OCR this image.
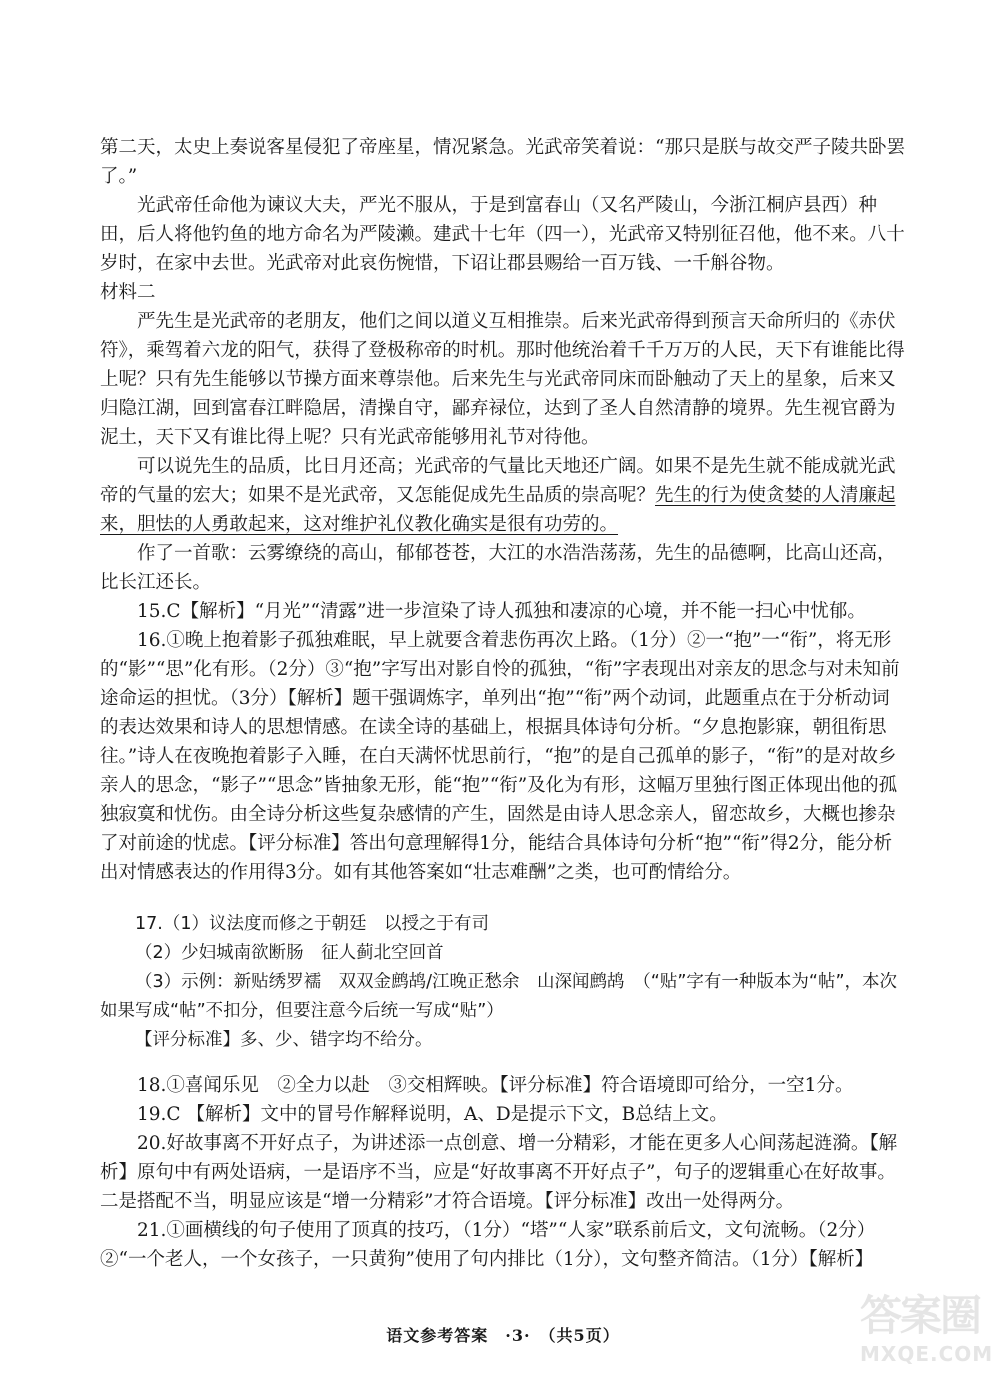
第二天，太史上奏说客星侵犯了帝座星，情况紧急。光武帝笑着说：“那只是朕与故交严子陵共卧罢了。”

光武帝任命他为谏议大夫，严光不服从，于是到富春山（又名严陵山，今浙江桐庐县西）种田，后人将他钓鱼的地方命名为严陵濑。建武十七年（四一），光武帝又特别征召他，他不来。八十岁时，在家中去世。光武帝对此哀伤惋惜，下诏让郡县赐给一百万钱、一千斛谷物。

材料二

严先生是光武帝的老朋友，他们之间以道义互相推崇。后来光武帝得到预言天命所归的《赤伏符》，乘驾着六龙的阳气，获得了登极称帝的时机。那时他统治着千千万万的人民，天下有谁能比得上呢？只有先生能够以节操方面来尊崇他。后来先生与光武帝同床而卧触动了天上的星象，后来又归隐江湖，回到富春江畔隐居，清操自守，鄙弃禄位，达到了圣人自然清静的境界。先生视官爵为泥土，天下又有谁比得上呢？只有光武帝能够用礼节对待他。

可以说先生的品质，比日月还高；光武帝的气量比天地还广阔。如果不是先生就不能成就光武帝的气量的宏大；如果不是光武帝，又怎能促成先生品质的崇高呢？先生的行为使贪婪的人清廉起来，胆怯的人勇敢起来，这对维护礼仪教化确实是很有功劳的。

作了一首歌：云雾缭绕的高山，郁郁苍苍，大江的水浩浩荡荡，先生的品德啊，比高山还高，比长江还长。

15.C【解析】“月光”“清露”进一步渲染了诗人孤独和凄凉的心境，并不能一扫心中忧郁。

16.①晚上抱着影子孤独难眠，早上就要含着悲伤再次上路。（1分）②一“抱”一“衔”，将无形的“影”“思”化有形。（2分）③“抱”字写出对影自怜的孤独，“衔”字表现出对亲友的思念与对未知前途命运的担忧。（3分）【解析】题干强调炼字，单列出“抱”“衔”两个动词，此题重点在于分析动词的表达效果和诗人的思想情感。在读全诗的基础上，根据具体诗句分析。“夕息抱影寐，朝徂衔思往。”诗人在夜晚抱着影子入睡，在白天满怀忧思前行，“抱”的是自己孤单的影子，“衔”的是对故乡亲人的思念，“影子”“思念”皆抽象无形，能“抱”“衔”及化为有形，这幅万里独行图正体现出他的孤独寂寞和忧伤。由全诗分析这些复杂感情的产生，固然是由诗人思念亲人，留恋故乡，大概也掺杂了对前途的忧虑。【评分标准】答出句意理解得1分，能结合具体诗句分析“抱”“衔”得2分，能分析出对情感表达的作用得3分。如有其他答案如“壮志难酬”之类，也可酌情给分。

17.（1）议法度而修之于朝廷　以授之于有司

（2）少妇城南欲断肠　征人蓟北空回首

（3）示例：新贴绣罗襦　双双金鹧鸪/江晚正愁余　山深闻鹧鸪　（“贴”字有一种版本为“帖”，本次如果写成“帖”不扣分，但要注意今后统一写成“贴”）

【评分标准】多、少、错字均不给分。

18.①喜闻乐见　②全力以赴　③交相辉映。【评分标准】符合语境即可给分，一空1分。

19.C 【解析】文中的冒号作解释说明，A、D是提示下文，B总结上文。

20.好故事离不开好点子，为讲述添一点创意、增一分精彩，才能在更多人心间荡起涟漪。【解析】原句中有两处语病，一是语序不当，应是“好故事离不开好点子”，句子的逻辑重心在好故事。二是搭配不当，明显应该是“增一分精彩”才符合语境。【评分标准】改出一处得两分。

21.①画横线的句子使用了顶真的技巧，（1分）“塔”“人家”联系前后文，文句流畅。（2分）②“一个老人，一个女孩子，一只黄狗”使用了句内排比（1分），文句整齐简洁。（1分）【解析】

语文参考答案　·3·　（共5页）	答案圈
MXQE.COM
